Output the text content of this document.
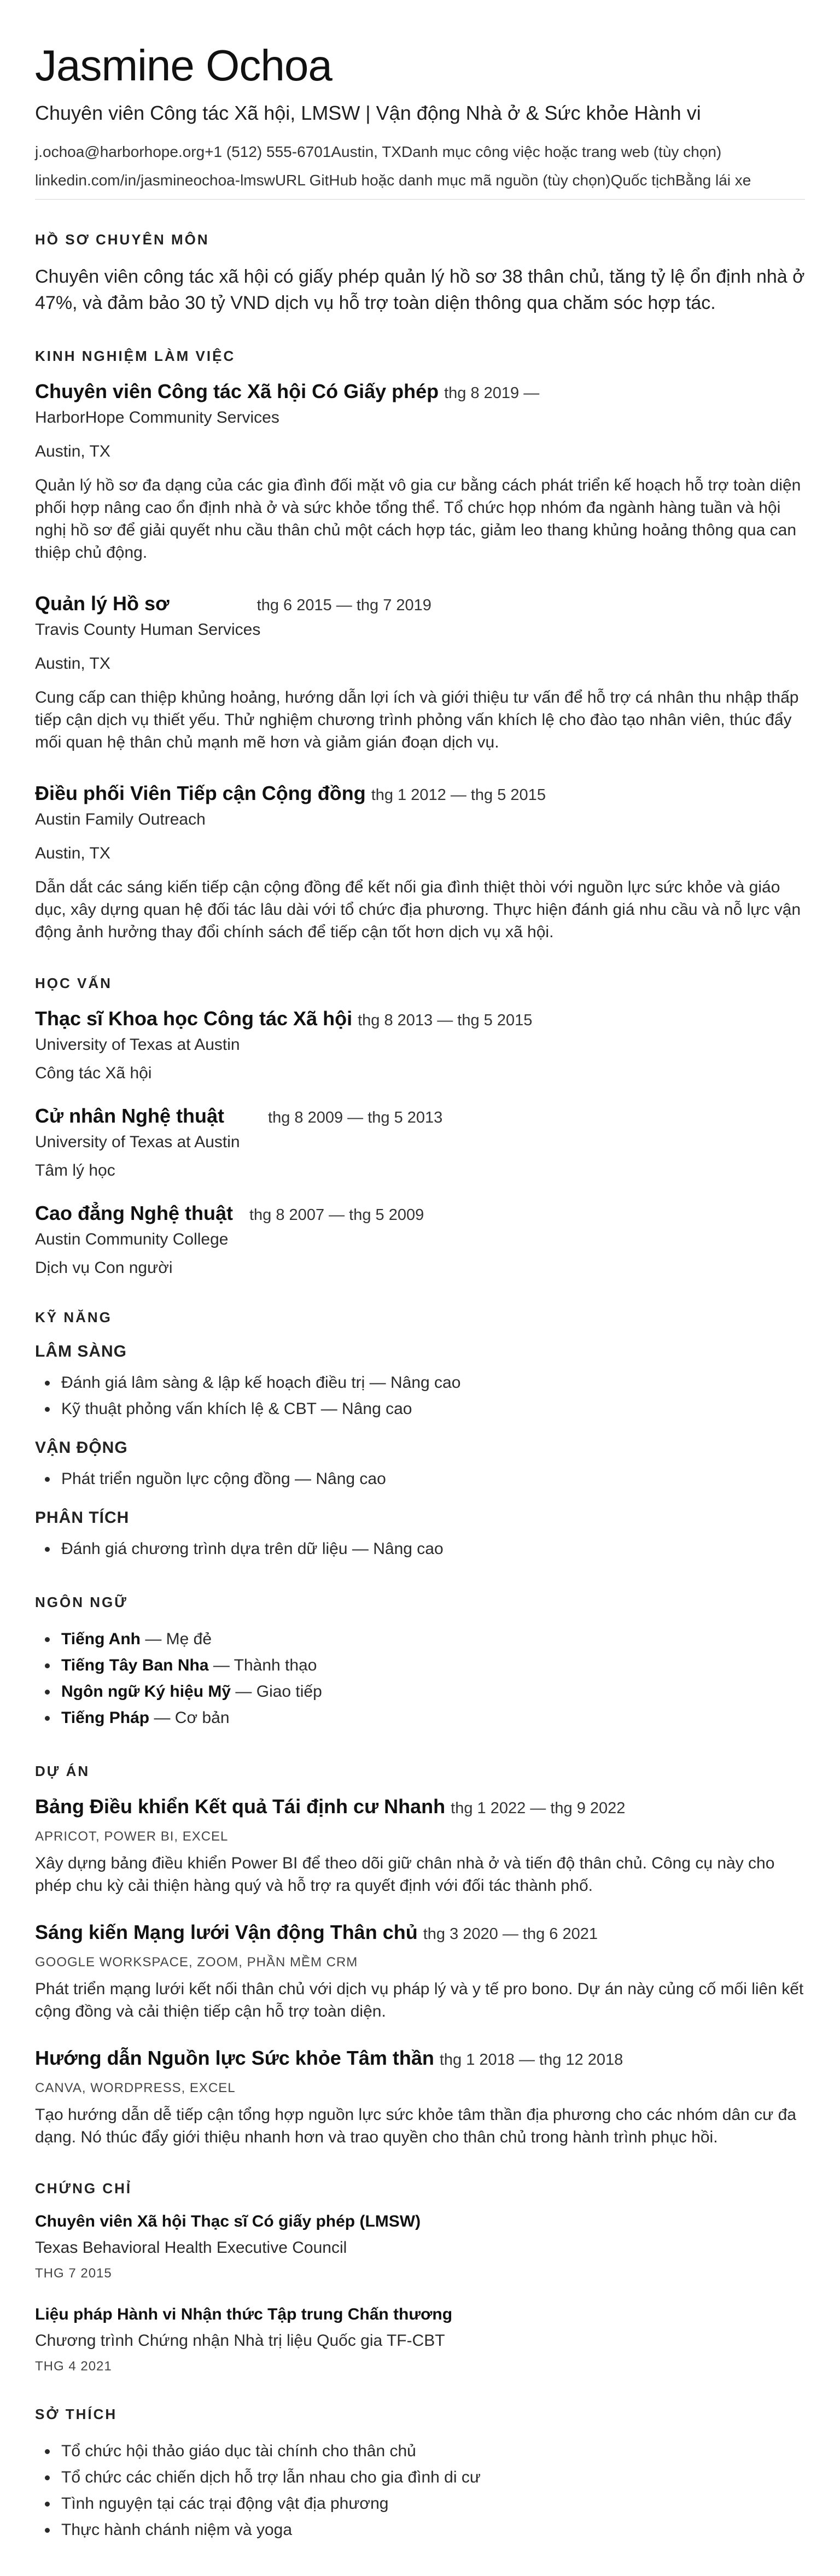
Jasmine Ochoa
Chuyên viên Công tác Xã hội, LMSW | Vận động Nhà ở & Sức khỏe Hành vi
j.ochoa@harborhope.org+1 (512) 555-6701Austin, TXDanh mục công việc hoặc trang web (tùy chọn)
linkedin.com/in/jasmineochoa-lmswURL GitHub hoặc danh mục mã nguồn (tùy chọn)Quốc tịchBằng lái xe
HỒ SƠ CHUYÊN MÔN

Chuyên viên công tác xã hội có giấy phép quản lý hồ sơ 38 thân chủ, tăng tỷ lệ ổn định nhà ở 47%, và đảm bảo 30 tỷ VND dịch vụ hỗ trợ toàn diện thông qua chăm sóc hợp tác.

KINH NGHIỆM LÀM VIỆC
Chuyên viên Công tác Xã hội Có Giấy phép thg 8 2019 —
HarborHope Community Services
Austin, TX
Quản lý hồ sơ đa dạng của các gia đình đối mặt vô gia cư bằng cách phát triển kế hoạch hỗ trợ toàn diện phối hợp nâng cao ổn định nhà ở và sức khỏe tổng thể. Tổ chức họp nhóm đa ngành hàng tuần và hội nghị hồ sơ để giải quyết nhu cầu thân chủ một cách hợp tác, giảm leo thang khủng hoảng thông qua can thiệp chủ động.
Quản lý Hồ sơ	thg 6 2015 — thg 7 2019
Travis County Human Services
Austin, TX
Cung cấp can thiệp khủng hoảng, hướng dẫn lợi ích và giới thiệu tư vấn để hỗ trợ cá nhân thu nhập thấp tiếp cận dịch vụ thiết yếu. Thử nghiệm chương trình phỏng vấn khích lệ cho đào tạo nhân viên, thúc đẩy mối quan hệ thân chủ mạnh mẽ hơn và giảm gián đoạn dịch vụ.
Điều phối Viên Tiếp cận Cộng đồng thg 1 2012 — thg 5 2015
Austin Family Outreach
Austin, TX
Dẫn dắt các sáng kiến tiếp cận cộng đồng để kết nối gia đình thiệt thòi với nguồn lực sức khỏe và giáo dục, xây dựng quan hệ đối tác lâu dài với tổ chức địa phương. Thực hiện đánh giá nhu cầu và nỗ lực vận động ảnh hưởng thay đổi chính sách để tiếp cận tốt hơn dịch vụ xã hội.
HỌC VẤN
Thạc sĩ Khoa học Công tác Xã hội thg 8 2013 — thg 5 2015
University of Texas at Austin
Công tác Xã hội
Cử nhân Nghệ thuật	thg 8 2009 — thg 5 2013
University of Texas at Austin
Tâm lý học
Cao đẳng Nghệ thuật thg 8 2007 — thg 5 2009
Austin Community College
Dịch vụ Con người
KỸ NĂNG
LÂM SÀNG
• Đánh giá lâm sàng & lập kế hoạch điều trị — Nâng cao
• Kỹ thuật phỏng vấn khích lệ & CBT — Nâng cao
VẬN ĐỘNG
• Phát triển nguồn lực cộng đồng — Nâng cao
PHÂN TÍCH
• Đánh giá chương trình dựa trên dữ liệu — Nâng cao
NGÔN NGỮ
• Tiếng Anh — Mẹ đẻ
• Tiếng Tây Ban Nha — Thành thạo
• Ngôn ngữ Ký hiệu Mỹ — Giao tiếp
• Tiếng Pháp — Cơ bản
DỰ ÁN
Bảng Điều khiển Kết quả Tái định cư Nhanh thg 1 2022 — thg 9 2022
APRICOT, POWER BI, EXCEL
Xây dựng bảng điều khiển Power BI để theo dõi giữ chân nhà ở và tiến độ thân chủ. Công cụ này cho phép chu kỳ cải thiện hàng quý và hỗ trợ ra quyết định với đối tác thành phố.
Sáng kiến Mạng lưới Vận động Thân chủ thg 3 2020 — thg 6 2021
GOOGLE WORKSPACE, ZOOM, PHẦN MỀM CRM
Phát triển mạng lưới kết nối thân chủ với dịch vụ pháp lý và y tế pro bono. Dự án này củng cố mối liên kết cộng đồng và cải thiện tiếp cận hỗ trợ toàn diện.
Hướng dẫn Nguồn lực Sức khỏe Tâm thần thg 1 2018 — thg 12 2018
CANVA, WORDPRESS, EXCEL
Tạo hướng dẫn dễ tiếp cận tổng hợp nguồn lực sức khỏe tâm thần địa phương cho các nhóm dân cư đa dạng. Nó thúc đẩy giới thiệu nhanh hơn và trao quyền cho thân chủ trong hành trình phục hồi.
CHỨNG CHỈ
Chuyên viên Xã hội Thạc sĩ Có giấy phép (LMSW)
Texas Behavioral Health Executive Council
THG 7 2015
Liệu pháp Hành vi Nhận thức Tập trung Chấn thương
Chương trình Chứng nhận Nhà trị liệu Quốc gia TF-CBT
THG 4 2021
SỞ THÍCH
• Tổ chức hội thảo giáo dục tài chính cho thân chủ
• Tổ chức các chiến dịch hỗ trợ lẫn nhau cho gia đình di cư
• Tình nguyện tại các trại động vật địa phương
• Thực hành chánh niệm và yoga
